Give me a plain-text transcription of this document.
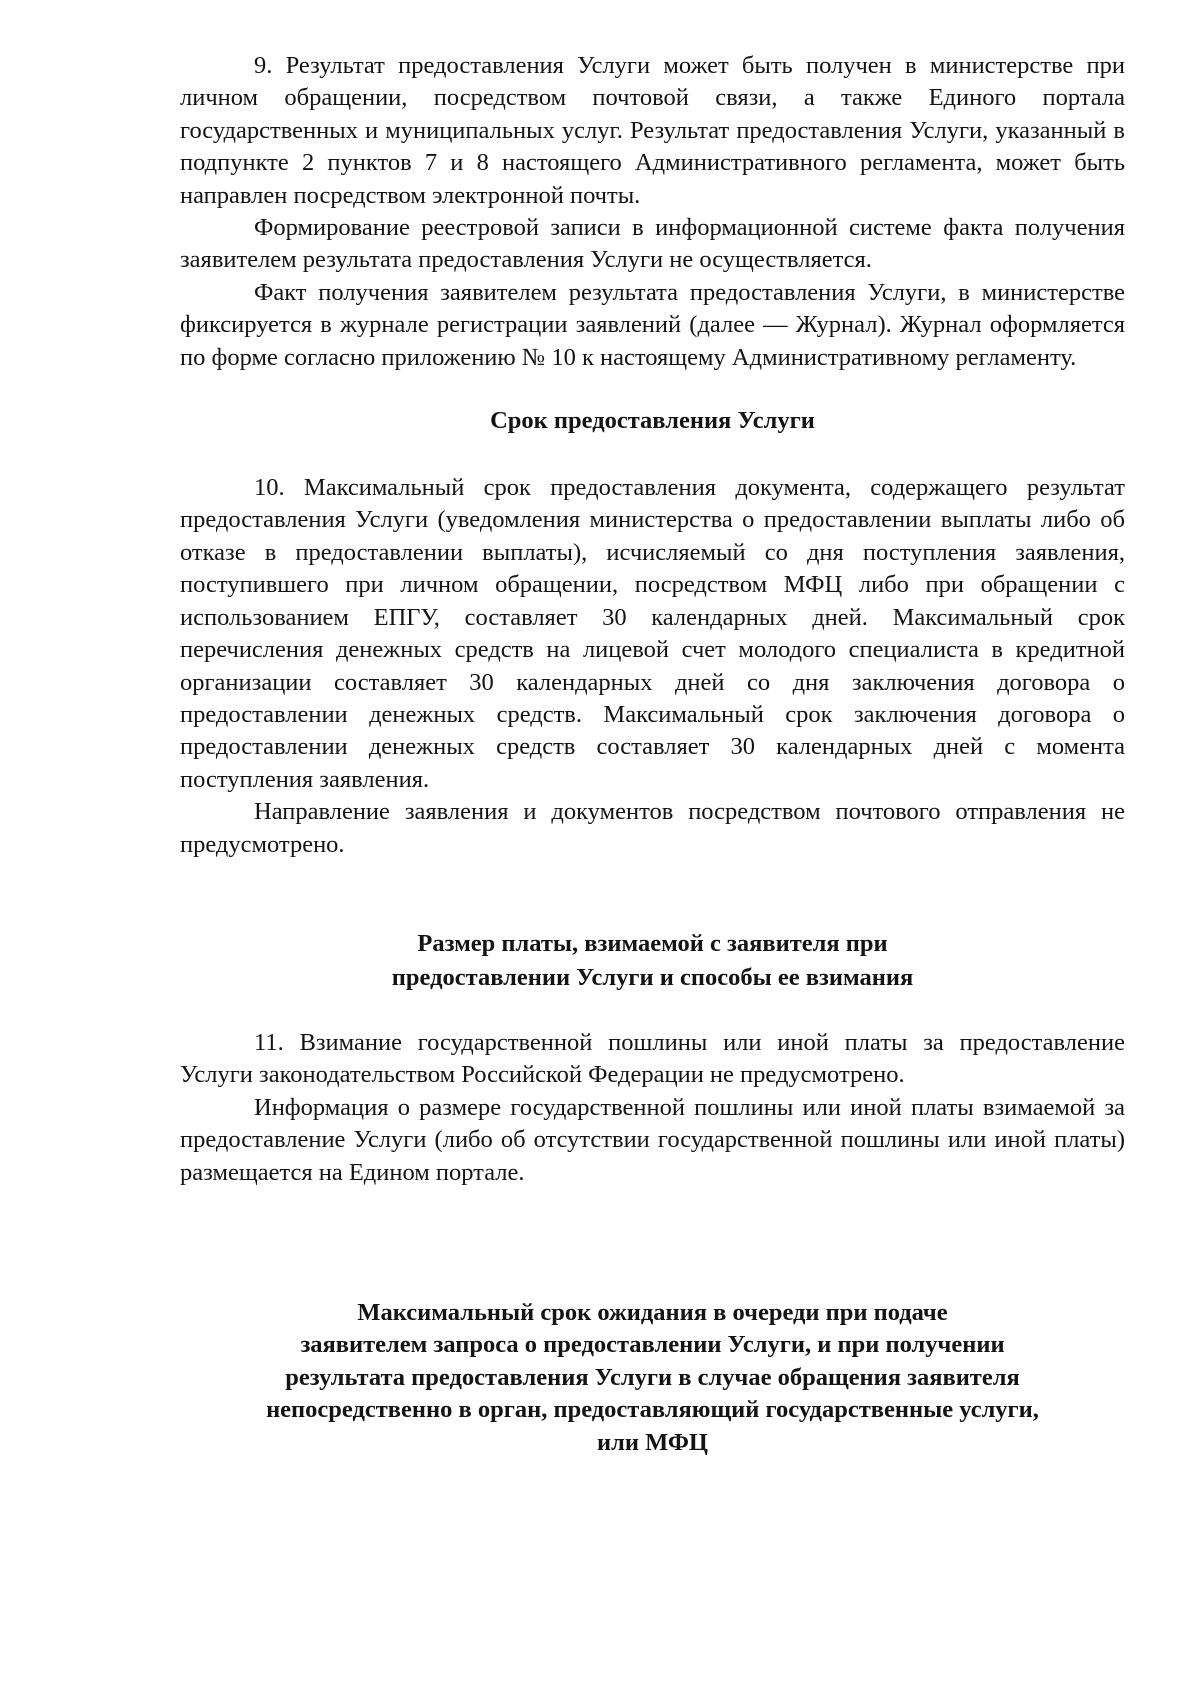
9. Результат предоставления Услуги может быть получен в министерстве при личном обращении, посредством почтовой связи, а также Единого портала государственных и муниципальных услуг. Результат предоставления Услуги, указанный в подпункте 2 пунктов 7 и 8 настоящего Административного регламента, может быть направлен посредством электронной почты.

Формирование реестровой записи в информационной системе факта получения заявителем результата предоставления Услуги не осуществляется.

Факт получения заявителем результата предоставления Услуги, в министерстве фиксируется в журнале регистрации заявлений (далее — Журнал). Журнал оформляется по форме согласно приложению № 10 к настоящему Административному регламенту.

Срок предоставления Услуги

10. Максимальный срок предоставления документа, содержащего результат предоставления Услуги (уведомления министерства о предоставлении выплаты либо об отказе в предоставлении выплаты), исчисляемый со дня поступления заявления, поступившего при личном обращении, посредством МФЦ либо при обращении с использованием ЕПГУ, составляет 30 календарных дней. Максимальный срок перечисления денежных средств на лицевой счет молодого специалиста в кредитной организации составляет 30 календарных дней со дня заключения договора о предоставлении денежных средств. Максимальный срок заключения договора о предоставлении денежных средств составляет 30 календарных дней с момента поступления заявления.

Направление заявления и документов посредством почтового отправления не предусмотрено.

Размер платы, взимаемой с заявителя при
предоставлении Услуги и способы ее взимания

11. Взимание государственной пошлины или иной платы за предоставление Услуги законодательством Российской Федерации не предусмотрено.

Информация о размере государственной пошлины или иной платы взимаемой за предоставление Услуги (либо об отсутствии государственной пошлины или иной платы) размещается на Едином портале.

Максимальный срок ожидания в очереди при подаче
заявителем запроса о предоставлении Услуги, и при получении
результата предоставления Услуги в случае обращения заявителя
непосредственно в орган, предоставляющий государственные услуги,
или МФЦ
